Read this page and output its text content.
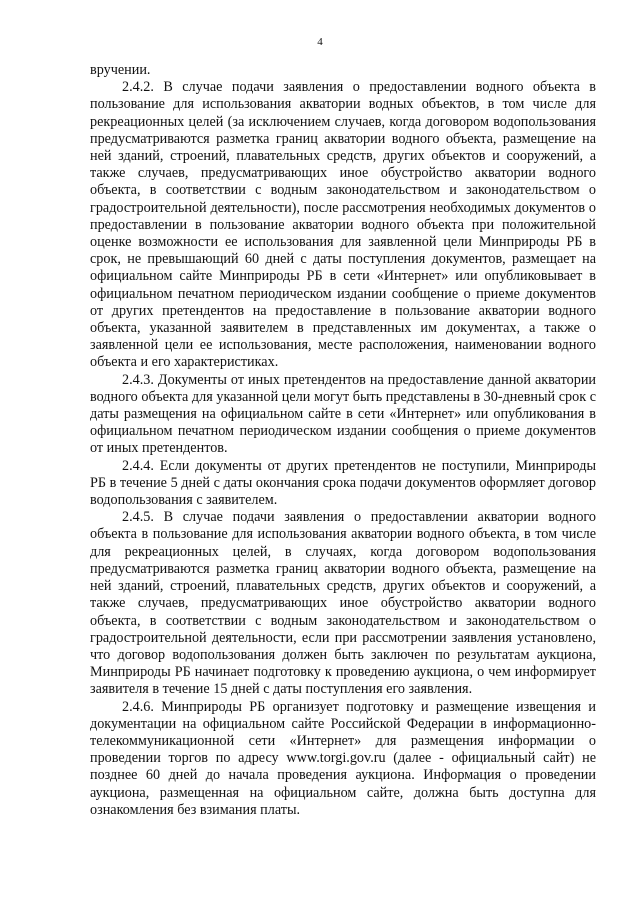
4

вручении.

2.4.2. В случае подачи заявления о предоставлении водного объекта в пользование для использования акватории водных объектов, в том числе для рекреационных целей (за исключением случаев, когда договором водопользования предусматриваются разметка границ акватории водного объекта, размещение на ней зданий, строений, плавательных средств, других объектов и сооружений, а также случаев, предусматривающих иное обустройство акватории водного объекта, в соответствии с водным законодательством и законодательством о градостроительной деятельности), после рассмотрения необходимых документов о предоставлении в пользование акватории водного объекта при положительной оценке возможности ее использования для заявленной цели Минприроды РБ в срок, не превышающий 60 дней с даты поступления документов, размещает на официальном сайте Минприроды РБ в сети «Интернет» или опубликовывает в официальном печатном периодическом издании сообщение о приеме документов от других претендентов на предоставление в пользование акватории водного объекта, указанной заявителем в представленных им документах, а также о заявленной цели ее использования, месте расположения, наименовании водного объекта и его характеристиках.

2.4.3. Документы от иных претендентов на предоставление данной акватории водного объекта для указанной цели могут быть представлены в 30-дневный срок с даты размещения на официальном сайте в сети «Интернет» или опубликования в официальном печатном периодическом издании сообщения о приеме документов от иных претендентов.

2.4.4. Если документы от других претендентов не поступили, Минприроды РБ в течение 5 дней с даты окончания срока подачи документов оформляет договор водопользования с заявителем.

2.4.5. В случае подачи заявления о предоставлении акватории водного объекта в пользование для использования акватории водного объекта, в том числе для рекреационных целей, в случаях, когда договором водопользования предусматриваются разметка границ акватории водного объекта, размещение на ней зданий, строений, плавательных средств, других объектов и сооружений, а также случаев, предусматривающих иное обустройство акватории водного объекта, в соответствии с водным законодательством и законодательством о градостроительной деятельности, если при рассмотрении заявления установлено, что договор водопользования должен быть заключен по результатам аукциона, Минприроды РБ начинает подготовку к проведению аукциона, о чем информирует заявителя в течение 15 дней с даты поступления его заявления.

2.4.6. Минприроды РБ организует подготовку и размещение извещения и документации на официальном сайте Российской Федерации в информационно-телекоммуникационной сети «Интернет» для размещения информации о проведении торгов по адресу www.torgi.gov.ru (далее - официальный сайт) не позднее 60 дней до начала проведения аукциона. Информация о проведении аукциона, размещенная на официальном сайте, должна быть доступна для ознакомления без взимания платы.
